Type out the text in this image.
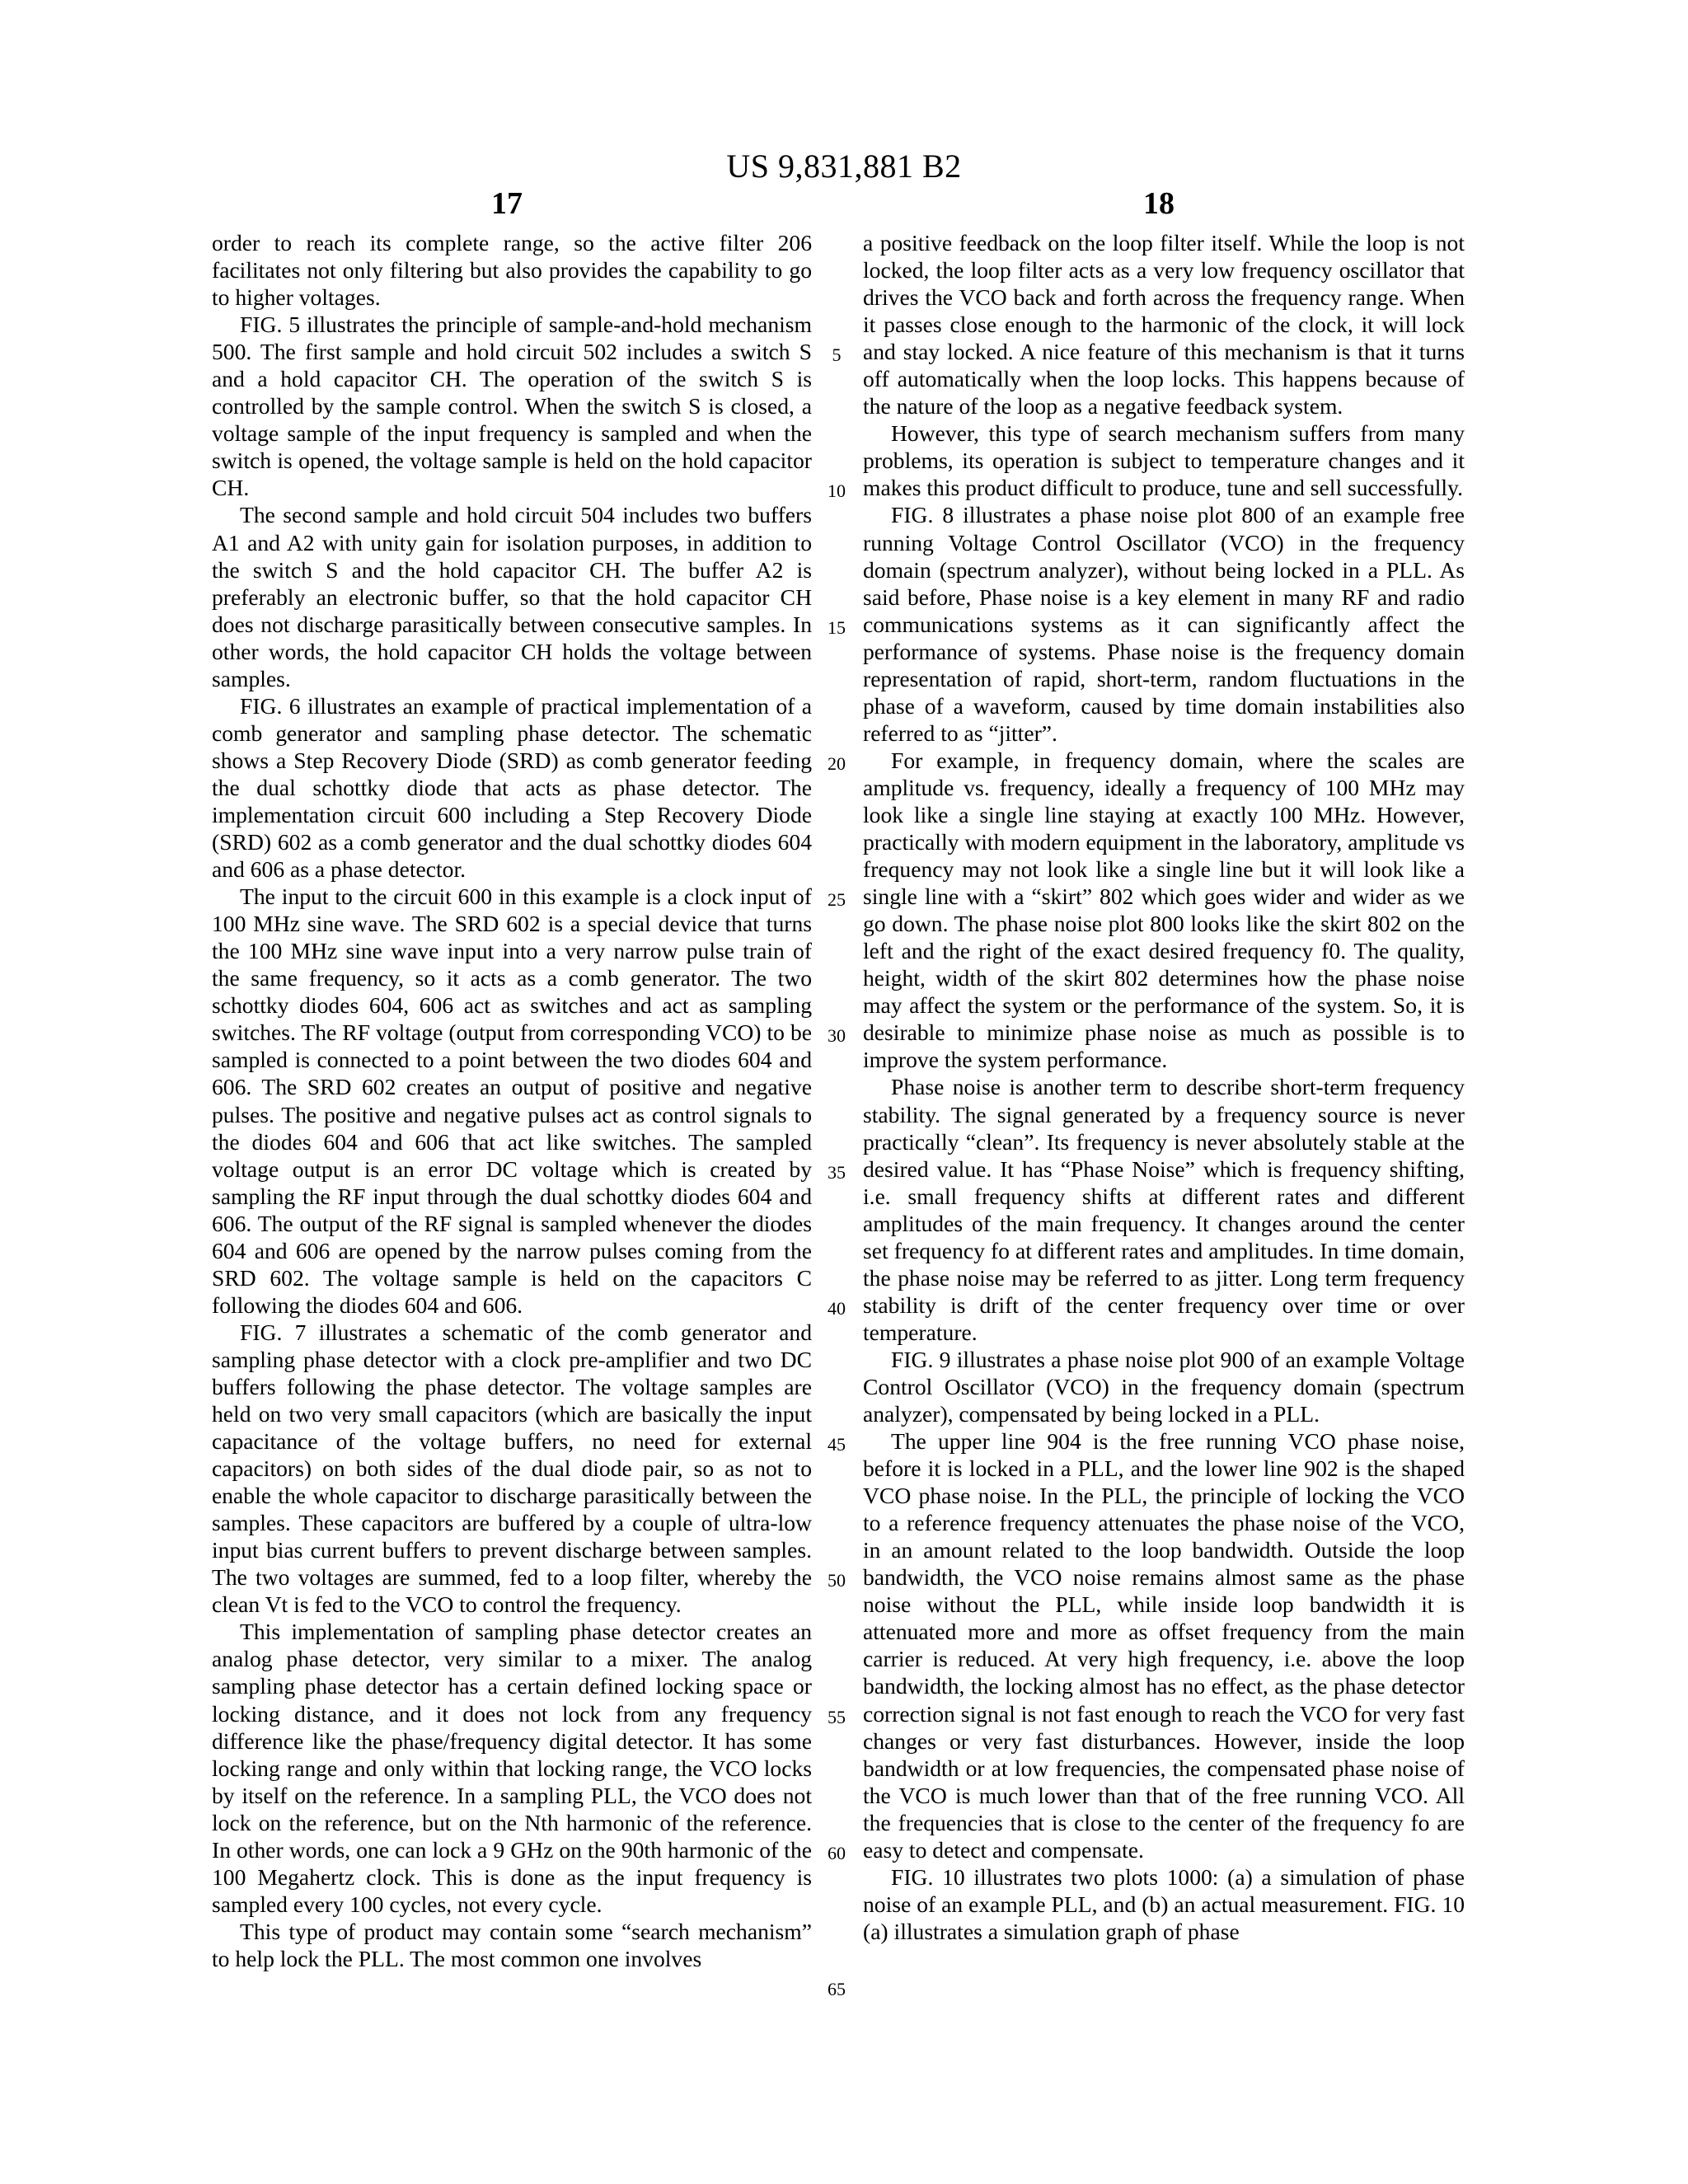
US 9,831,881 B2
17	18

order to reach its complete range, so the active filter 206 facilitates not only filtering but also provides the capability to go to higher voltages.

FIG. 5 illustrates the principle of sample-and-hold mechanism 500. The first sample and hold circuit 502 includes a switch S and a hold capacitor CH. The operation of the switch S is controlled by the sample control. When the switch S is closed, a voltage sample of the input frequency is sampled and when the switch is opened, the voltage sample is held on the hold capacitor CH.

The second sample and hold circuit 504 includes two buffers A1 and A2 with unity gain for isolation purposes, in addition to the switch S and the hold capacitor CH. The buffer A2 is preferably an electronic buffer, so that the hold capacitor CH does not discharge parasitically between consecutive samples. In other words, the hold capacitor CH holds the voltage between samples.

FIG. 6 illustrates an example of practical implementation of a comb generator and sampling phase detector. The schematic shows a Step Recovery Diode (SRD) as comb generator feeding the dual schottky diode that acts as phase detector. The implementation circuit 600 including a Step Recovery Diode (SRD) 602 as a comb generator and the dual schottky diodes 604 and 606 as a phase detector.

The input to the circuit 600 in this example is a clock input of 100 MHz sine wave. The SRD 602 is a special device that turns the 100 MHz sine wave input into a very narrow pulse train of the same frequency, so it acts as a comb generator. The two schottky diodes 604, 606 act as switches and act as sampling switches. The RF voltage (output from corresponding VCO) to be sampled is connected to a point between the two diodes 604 and 606. The SRD 602 creates an output of positive and negative pulses. The positive and negative pulses act as control signals to the diodes 604 and 606 that act like switches. The sampled voltage output is an error DC voltage which is created by sampling the RF input through the dual schottky diodes 604 and 606. The output of the RF signal is sampled whenever the diodes 604 and 606 are opened by the narrow pulses coming from the SRD 602. The voltage sample is held on the capacitors C following the diodes 604 and 606.

FIG. 7 illustrates a schematic of the comb generator and sampling phase detector with a clock pre-amplifier and two DC buffers following the phase detector. The voltage samples are held on two very small capacitors (which are basically the input capacitance of the voltage buffers, no need for external capacitors) on both sides of the dual diode pair, so as not to enable the whole capacitor to discharge parasitically between the samples. These capacitors are buffered by a couple of ultra-low input bias current buffers to prevent discharge between samples. The two voltages are summed, fed to a loop filter, whereby the clean Vt is fed to the VCO to control the frequency.

This implementation of sampling phase detector creates an analog phase detector, very similar to a mixer. The analog sampling phase detector has a certain defined locking space or locking distance, and it does not lock from any frequency difference like the phase/frequency digital detector. It has some locking range and only within that locking range, the VCO locks by itself on the reference. In a sampling PLL, the VCO does not lock on the reference, but on the Nth harmonic of the reference. In other words, one can lock a 9 GHz on the 90th harmonic of the 100 Megahertz clock. This is done as the input frequency is sampled every 100 cycles, not every cycle.

This type of product may contain some “search mechanism” to help lock the PLL. The most common one involves

a positive feedback on the loop filter itself. While the loop is not locked, the loop filter acts as a very low frequency oscillator that drives the VCO back and forth across the frequency range. When it passes close enough to the harmonic of the clock, it will lock and stay locked. A nice feature of this mechanism is that it turns off automatically when the loop locks. This happens because of the nature of the loop as a negative feedback system.

However, this type of search mechanism suffers from many problems, its operation is subject to temperature changes and it makes this product difficult to produce, tune and sell successfully.

FIG. 8 illustrates a phase noise plot 800 of an example free running Voltage Control Oscillator (VCO) in the frequency domain (spectrum analyzer), without being locked in a PLL. As said before, Phase noise is a key element in many RF and radio communications systems as it can significantly affect the performance of systems. Phase noise is the frequency domain representation of rapid, short-term, random fluctuations in the phase of a waveform, caused by time domain instabilities also referred to as “jitter”.

For example, in frequency domain, where the scales are amplitude vs. frequency, ideally a frequency of 100 MHz may look like a single line staying at exactly 100 MHz. However, practically with modern equipment in the laboratory, amplitude vs frequency may not look like a single line but it will look like a single line with a “skirt” 802 which goes wider and wider as we go down. The phase noise plot 800 looks like the skirt 802 on the left and the right of the exact desired frequency f0. The quality, height, width of the skirt 802 determines how the phase noise may affect the system or the performance of the system. So, it is desirable to minimize phase noise as much as possible is to improve the system performance.

Phase noise is another term to describe short-term frequency stability. The signal generated by a frequency source is never practically “clean”. Its frequency is never absolutely stable at the desired value. It has “Phase Noise” which is frequency shifting, i.e. small frequency shifts at different rates and different amplitudes of the main frequency. It changes around the center set frequency fo at different rates and amplitudes. In time domain, the phase noise may be referred to as jitter. Long term frequency stability is drift of the center frequency over time or over temperature.

FIG. 9 illustrates a phase noise plot 900 of an example Voltage Control Oscillator (VCO) in the frequency domain (spectrum analyzer), compensated by being locked in a PLL.

The upper line 904 is the free running VCO phase noise, before it is locked in a PLL, and the lower line 902 is the shaped VCO phase noise. In the PLL, the principle of locking the VCO to a reference frequency attenuates the phase noise of the VCO, in an amount related to the loop bandwidth. Outside the loop bandwidth, the VCO noise remains almost same as the phase noise without the PLL, while inside loop bandwidth it is attenuated more and more as offset frequency from the main carrier is reduced. At very high frequency, i.e. above the loop bandwidth, the locking almost has no effect, as the phase detector correction signal is not fast enough to reach the VCO for very fast changes or very fast disturbances. However, inside the loop bandwidth or at low frequencies, the compensated phase noise of the VCO is much lower than that of the free running VCO. All the frequencies that is close to the center of the frequency fo are easy to detect and compensate.

FIG. 10 illustrates two plots 1000: (a) a simulation of phase noise of an example PLL, and (b) an actual measurement. FIG. 10 (a) illustrates a simulation graph of phase

5
10
15
20
25
30
35
40
45
50
55
60
65
